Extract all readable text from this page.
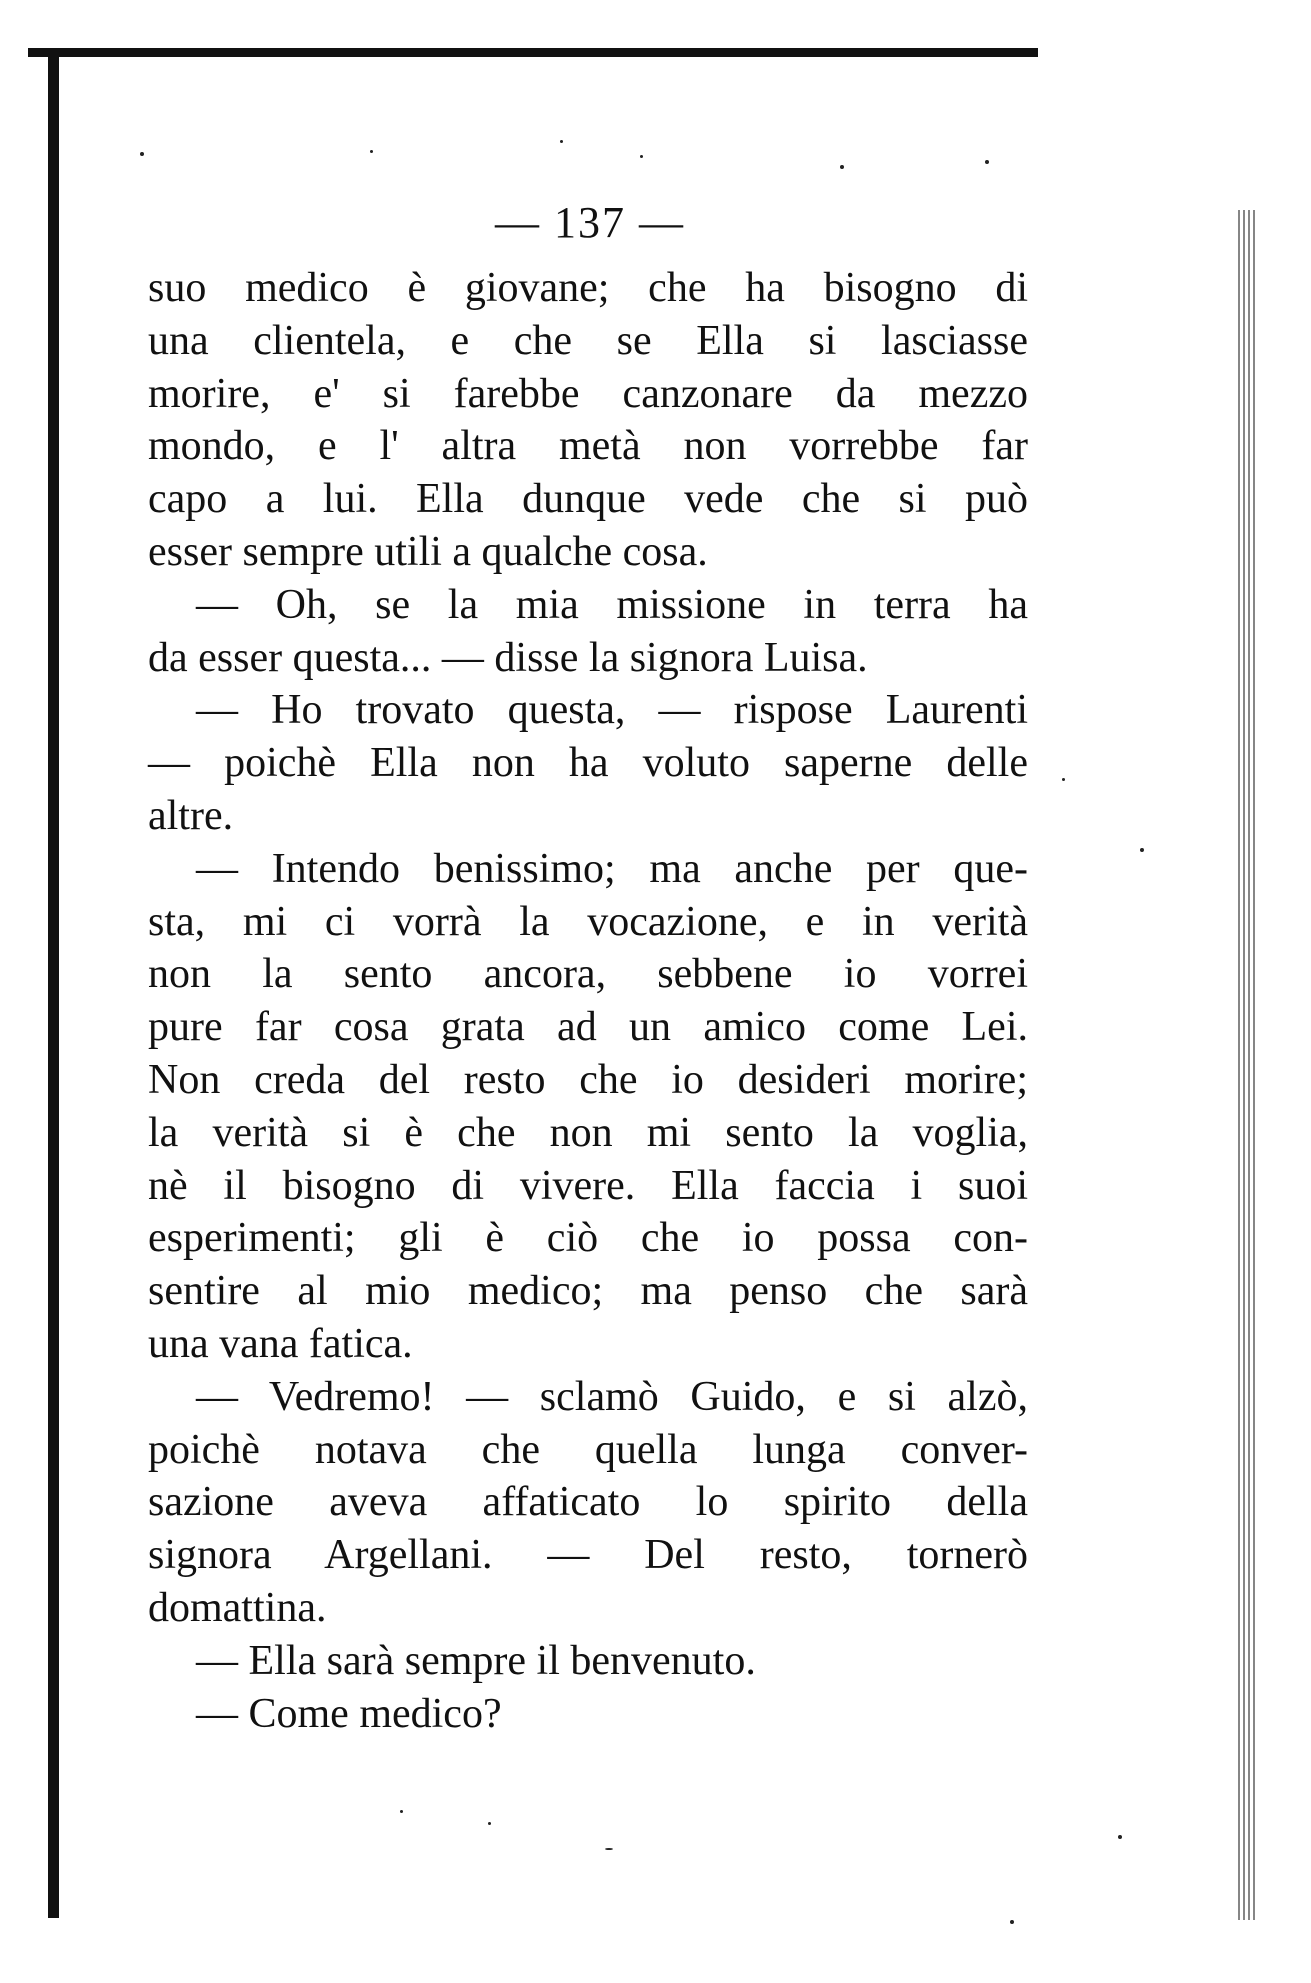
— 137 —
suo medico è giovane; che ha bisogno di
una clientela, e che se Ella si lasciasse
morire, e' si farebbe canzonare da mezzo
mondo, e l' altra metà non vorrebbe far
capo a lui. Ella dunque vede che si può
esser sempre utili a qualche cosa.
— Oh, se la mia missione in terra ha
da esser questa... — disse la signora Luisa.
— Ho trovato questa, — rispose Laurenti
— poichè Ella non ha voluto saperne delle
altre.
— Intendo benissimo; ma anche per que-
sta, mi ci vorrà la vocazione, e in verità
non la sento ancora, sebbene io vorrei
pure far cosa grata ad un amico come Lei.
Non creda del resto che io desideri morire;
la verità si è che non mi sento la voglia,
nè il bisogno di vivere. Ella faccia i suoi
esperimenti; gli è ciò che io possa con-
sentire al mio medico; ma penso che sarà
una vana fatica.
— Vedremo! — sclamò Guido, e si alzò,
poichè notava che quella lunga conver-
sazione aveva affaticato lo spirito della
signora Argellani. — Del resto, tornerò
domattina.
— Ella sarà sempre il benvenuto.
— Come medico?
